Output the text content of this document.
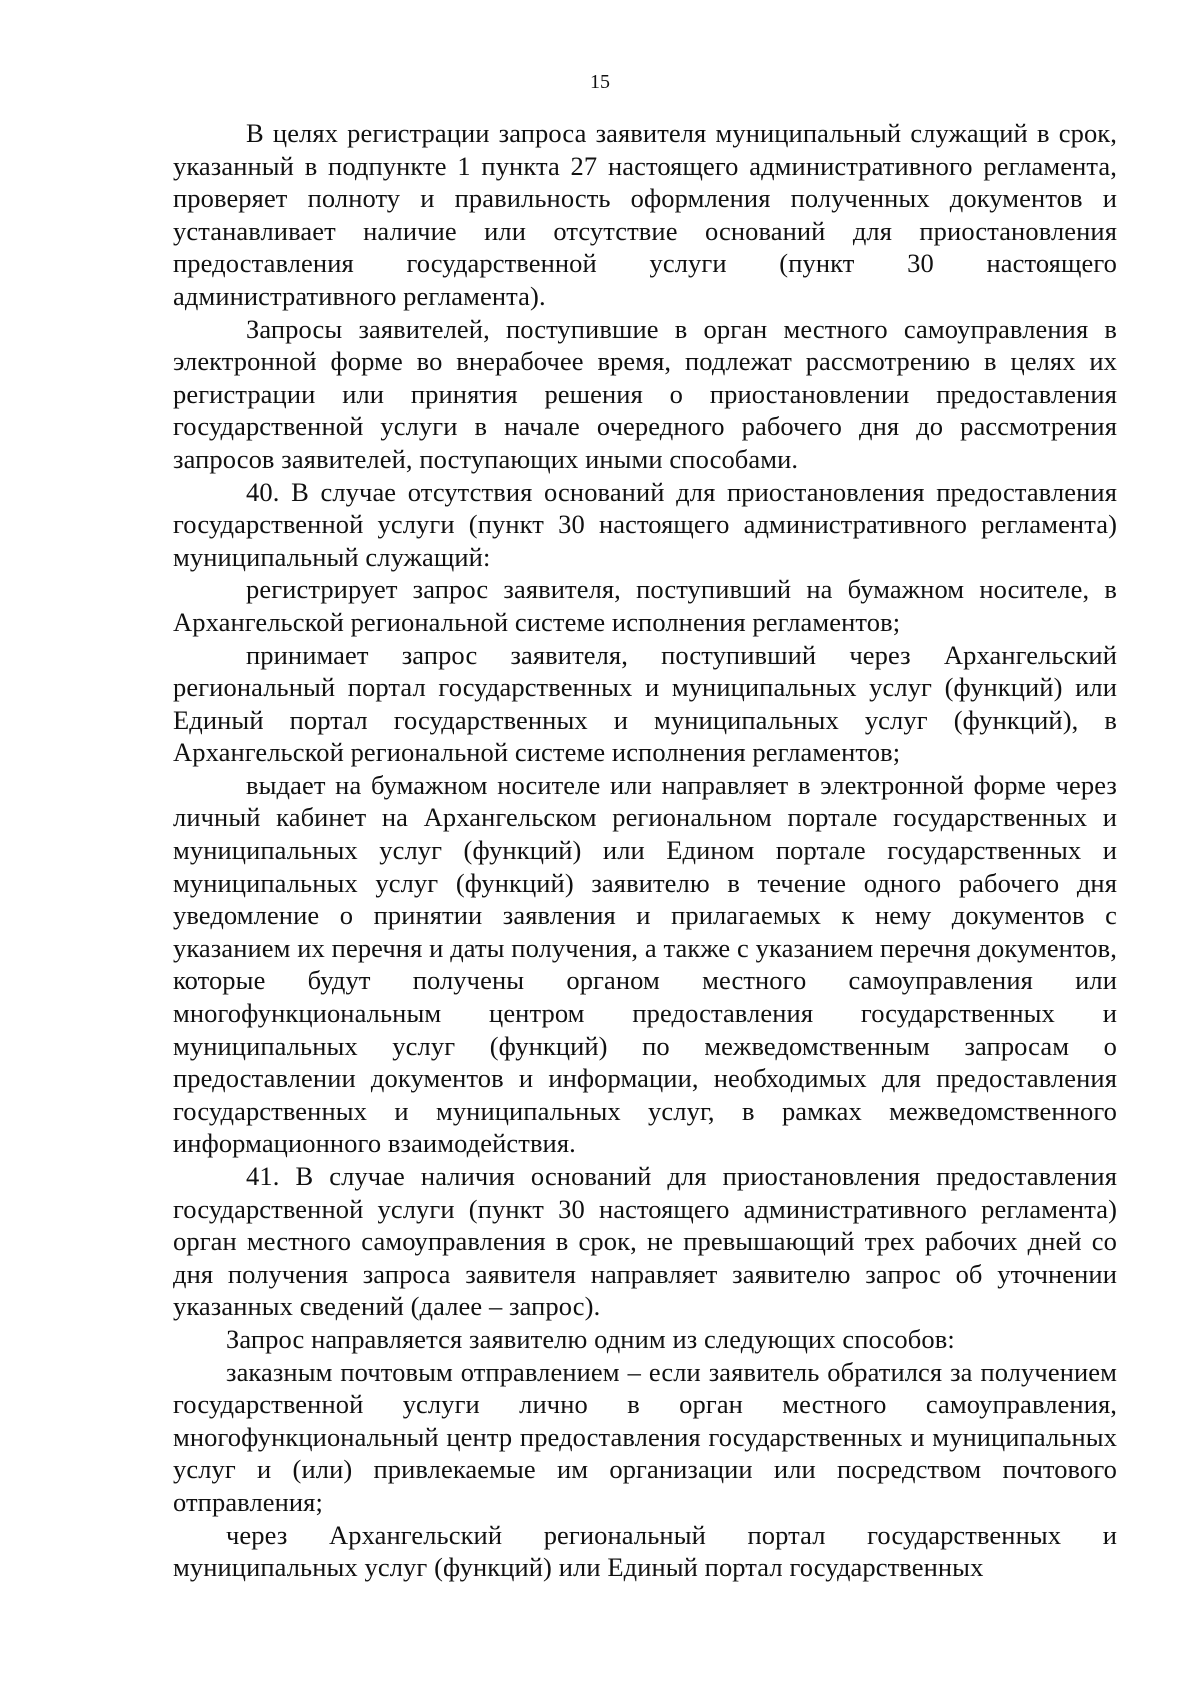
15

В целях регистрации запроса заявителя муниципальный служащий в срок, указанный в подпункте 1 пункта 27 настоящего административного регламента, проверяет полноту и правильность оформления полученных документов и устанавливает наличие или отсутствие оснований для приостановления предоставления государственной услуги (пункт 30 настоящего административного регламента).

Запросы заявителей, поступившие в орган местного самоуправления в электронной форме во внерабочее время, подлежат рассмотрению в целях их регистрации или принятия решения о приостановлении предоставления государственной услуги в начале очередного рабочего дня до рассмотрения запросов заявителей, поступающих иными способами.

40. В случае отсутствия оснований для приостановления предоставления государственной услуги (пункт 30 настоящего административного регламента) муниципальный служащий:

регистрирует запрос заявителя, поступивший на бумажном носителе, в Архангельской региональной системе исполнения регламентов;

принимает запрос заявителя, поступивший через Архангельский региональный портал государственных и муниципальных услуг (функций) или Единый портал государственных и муниципальных услуг (функций), в Архангельской региональной системе исполнения регламентов;

выдает на бумажном носителе или направляет в электронной форме через личный кабинет на Архангельском региональном портале государственных и муниципальных услуг (функций) или Едином портале государственных и муниципальных услуг (функций) заявителю в течение одного рабочего дня уведомление о принятии заявления и прилагаемых к нему документов с указанием их перечня и даты получения, а также с указанием перечня документов, которые будут получены органом местного самоуправления или многофункциональным центром предоставления государственных и муниципальных услуг (функций) по межведомственным запросам о предоставлении документов и информации, необходимых для предоставления государственных и муниципальных услуг, в рамках межведомственного информационного взаимодействия.

41. В случае наличия оснований для приостановления предоставления государственной услуги (пункт 30 настоящего административного регламента) орган местного самоуправления в срок, не превышающий трех рабочих дней со дня получения запроса заявителя направляет заявителю запрос об уточнении указанных сведений (далее – запрос).

Запрос направляется заявителю одним из следующих способов:

заказным почтовым отправлением – если заявитель обратился за получением государственной услуги лично в орган местного самоуправления, многофункциональный центр предоставления государственных и муниципальных услуг и (или) привлекаемые им организации или посредством почтового отправления;

через Архангельский региональный портал государственных и муниципальных услуг (функций) или Единый портал государственных
